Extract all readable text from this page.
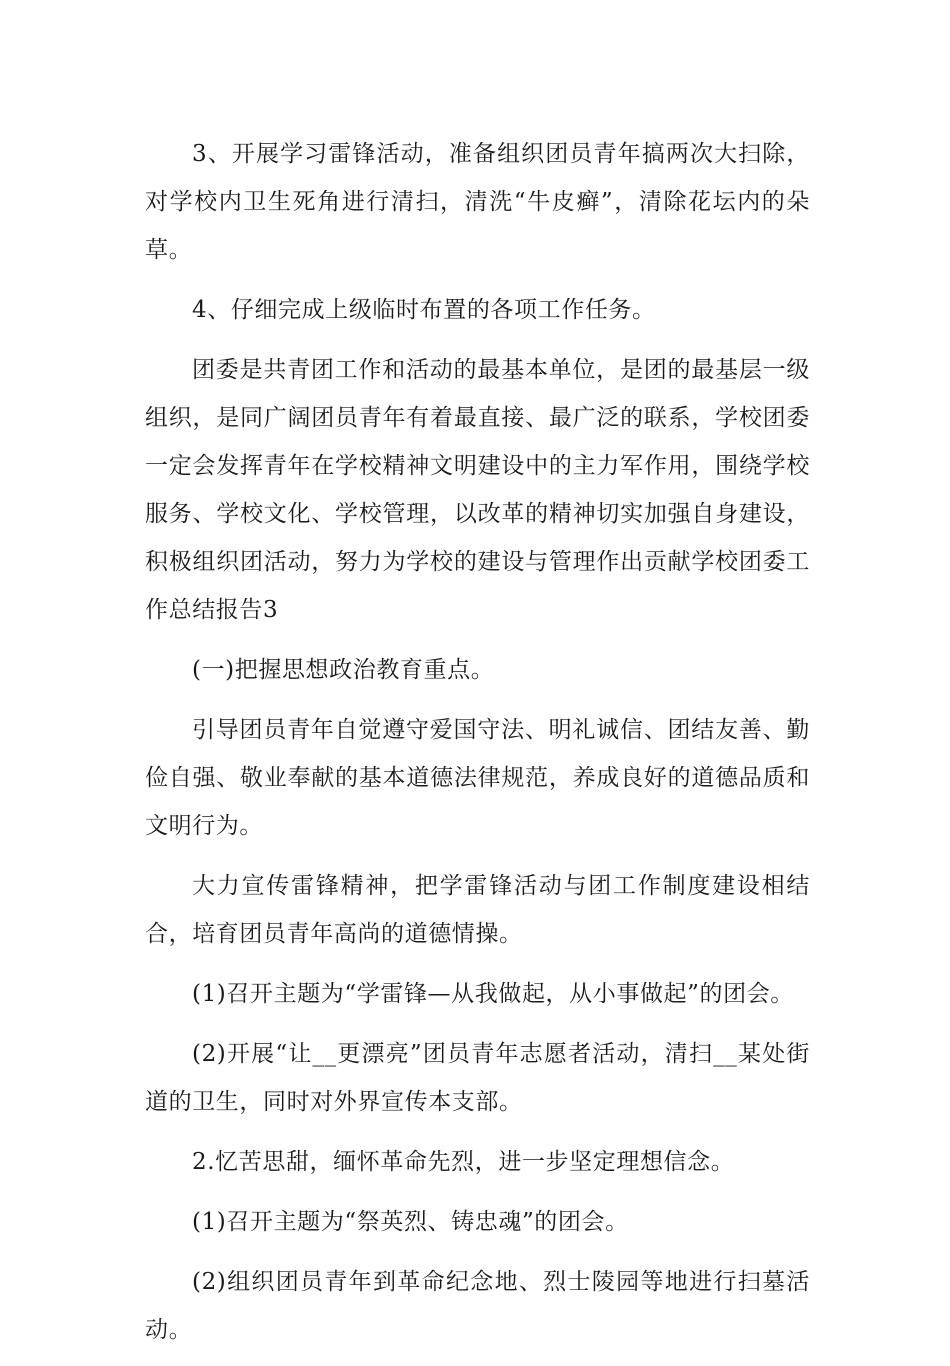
3、开展学习雷锋活动，准备组织团员青年搞两次大扫除，对学校内卫生死角进行清扫，清洗“牛皮癣”，清除花坛内的朵草。

4、仔细完成上级临时布置的各项工作任务。

团委是共青团工作和活动的最基本单位，是团的最基层一级组织，是同广阔团员青年有着最直接、最广泛的联系，学校团委一定会发挥青年在学校精神文明建设中的主力军作用，围绕学校服务、学校文化、学校管理，以改革的精神切实加强自身建设，积极组织团活动，努力为学校的建设与管理作出贡献学校团委工作总结报告3

(一)把握思想政治教育重点。

引导团员青年自觉遵守爱国守法、明礼诚信、团结友善、勤俭自强、敬业奉献的基本道德法律规范，养成良好的道德品质和文明行为。

大力宣传雷锋精神，把学雷锋活动与团工作制度建设相结合，培育团员青年高尚的道德情操。

(1)召开主题为“学雷锋—从我做起，从小事做起”的团会。

(2)开展“让__更漂亮”团员青年志愿者活动，清扫__某处街道的卫生，同时对外界宣传本支部。

2.忆苦思甜，缅怀革命先烈，进一步坚定理想信念。

(1)召开主题为“祭英烈、铸忠魂”的团会。

(2)组织团员青年到革命纪念地、烈士陵园等地进行扫墓活动。
